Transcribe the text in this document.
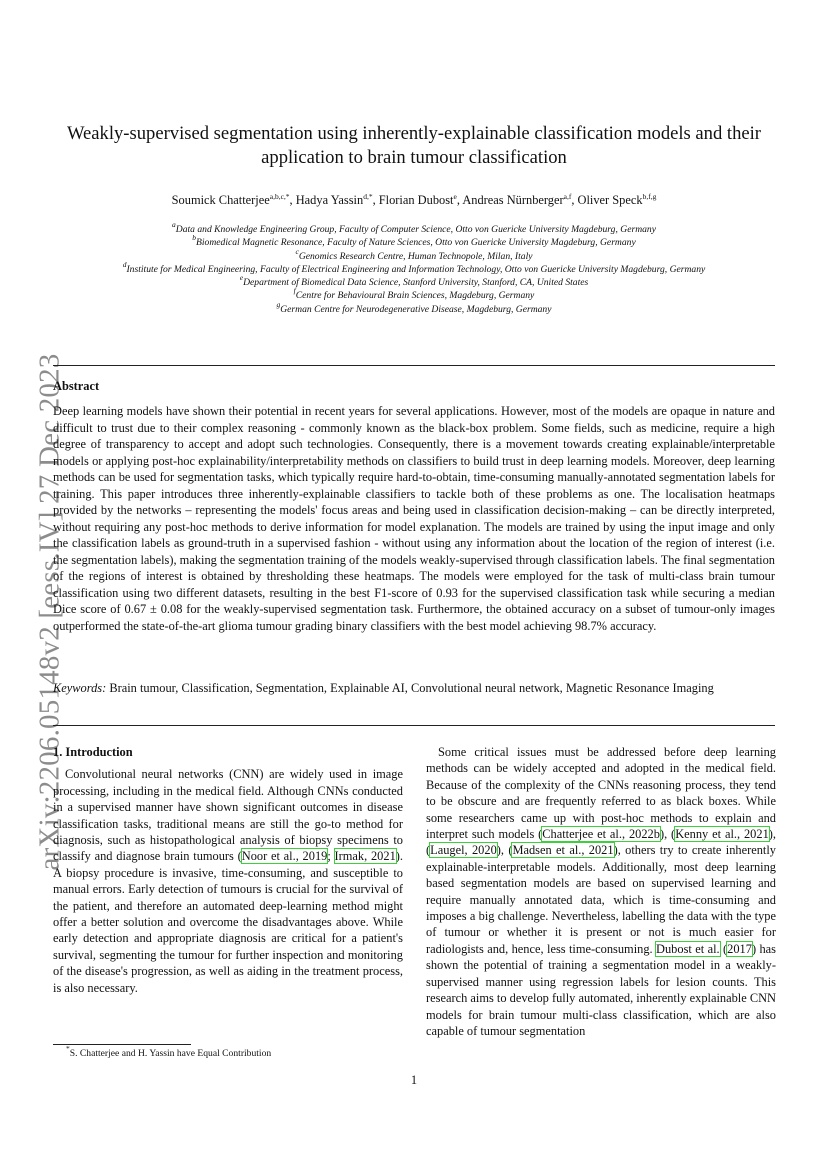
arXiv:2206.05148v2 [eess.IV] 27 Dec 2023
Weakly-supervised segmentation using inherently-explainable classification models and their application to brain tumour classification
Soumick Chatterjee$^{a,b,c,*}$, Hadya Yassin$^{d,*}$, Florian Dubost$^e$, Andreas Nürnberger$^{a,f}$, Oliver Speck$^{b,f,g}$
$^a$Data and Knowledge Engineering Group, Faculty of Computer Science, Otto von Guericke University Magdeburg, Germany
$^b$Biomedical Magnetic Resonance, Faculty of Nature Sciences, Otto von Guericke University Magdeburg, Germany
$^c$Genomics Research Centre, Human Technopole, Milan, Italy
$^d$Institute for Medical Engineering, Faculty of Electrical Engineering and Information Technology, Otto von Guericke University Magdeburg, Germany
$^e$Department of Biomedical Data Science, Stanford University, Stanford, CA, United States
$^f$Centre for Behavioural Brain Sciences, Magdeburg, Germany
$^g$German Centre for Neurodegenerative Disease, Magdeburg, Germany
Abstract
Deep learning models have shown their potential in recent years for several applications. However, most of the models are opaque in nature and difficult to trust due to their complex reasoning - commonly known as the black-box problem. Some fields, such as medicine, require a high degree of transparency to accept and adopt such technologies. Consequently, there is a movement towards creating explainable/interpretable models or applying post-hoc explainability/interpretability methods on classifiers to build trust in deep learning models. Moreover, deep learning methods can be used for segmentation tasks, which typically require hard-to-obtain, time-consuming manually-annotated segmentation labels for training. This paper introduces three inherently-explainable classifiers to tackle both of these problems as one. The localisation heatmaps provided by the networks – representing the models' focus areas and being used in classification decision-making – can be directly interpreted, without requiring any post-hoc methods to derive information for model explanation. The models are trained by using the input image and only the classification labels as ground-truth in a supervised fashion - without using any information about the location of the region of interest (i.e. the segmentation labels), making the segmentation training of the models weakly-supervised through classification labels. The final segmentation of the regions of interest is obtained by thresholding these heatmaps. The models were employed for the task of multi-class brain tumour classification using two different datasets, resulting in the best F1-score of 0.93 for the supervised classification task while securing a median Dice score of 0.67 ± 0.08 for the weakly-supervised segmentation task. Furthermore, the obtained accuracy on a subset of tumour-only images outperformed the state-of-the-art glioma tumour grading binary classifiers with the best model achieving 98.7% accuracy.
Keywords: Brain tumour, Classification, Segmentation, Explainable AI, Convolutional neural network, Magnetic Resonance Imaging
1. Introduction

Convolutional neural networks (CNN) are widely used in image processing, including in the medical field. Although CNNs conducted in a supervised manner have shown significant outcomes in disease classification tasks, traditional means are still the go-to method for diagnosis, such as histopathological analysis of biopsy specimens to classify and diagnose brain tumours (Noor et al., 2019; Irmak, 2021). A biopsy procedure is invasive, time-consuming, and susceptible to manual errors. Early detection of tumours is crucial for the survival of the patient, and therefore an automated deep-learning method might offer a better solution and overcome the disadvantages above. While early detection and appropriate diagnosis are critical for a patient's survival, segmenting the tumour for further inspection and monitoring of the disease's progression, as well as aiding in the treatment process, is also necessary.

Some critical issues must be addressed before deep learning methods can be widely accepted and adopted in the medical field. Because of the complexity of the CNNs reasoning process, they tend to be obscure and are frequently referred to as black boxes. While some researchers came up with post-hoc methods to explain and interpret such models (Chatterjee et al., 2022b), (Kenny et al., 2021), (Laugel, 2020), (Madsen et al., 2021), others try to create inherently explainable-interpretable models. Additionally, most deep learning based segmentation models are based on supervised learning and require manually annotated data, which is time-consuming and imposes a big challenge. Nevertheless, labelling the data with the type of tumour or whether it is present or not is much easier for radiologists and, hence, less time-consuming. Dubost et al. (2017) has shown the potential of training a segmentation model in a weakly-supervised manner using regression labels for lesion counts. This research aims to develop fully automated, inherently explainable CNN models for brain tumour multi-class classification, which are also capable of tumour segmentation

*S. Chatterjee and H. Yassin have Equal Contribution
1
